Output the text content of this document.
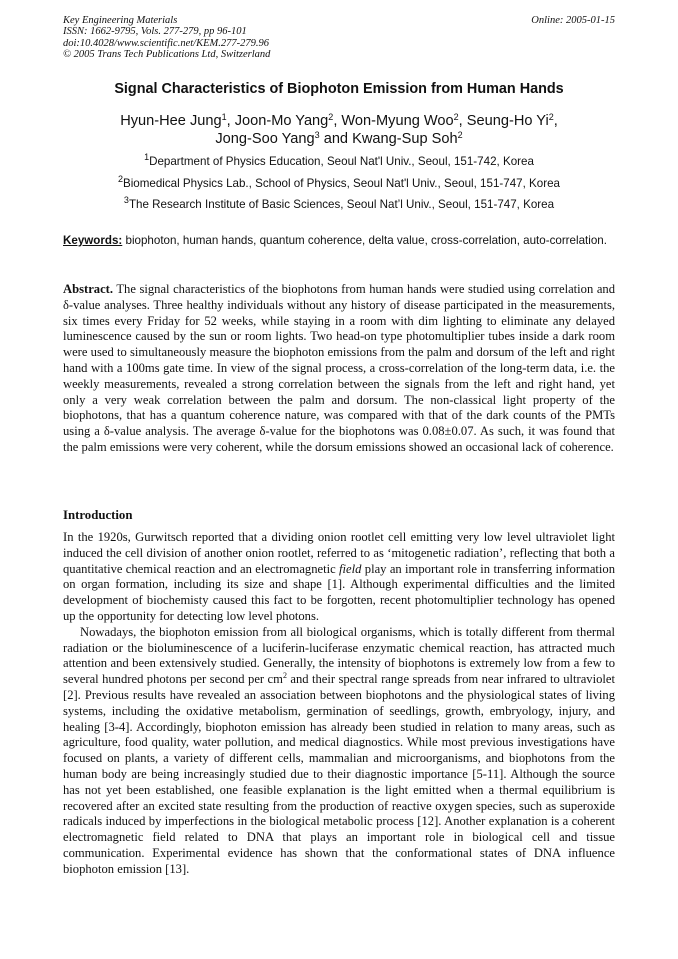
Key Engineering Materials
ISSN: 1662-9795, Vols. 277-279, pp 96-101
doi:10.4028/www.scientific.net/KEM.277-279.96
© 2005 Trans Tech Publications Ltd, Switzerland
Online: 2005-01-15
Signal Characteristics of Biophoton Emission from Human Hands
Hyun-Hee Jung$^1$, Joon-Mo Yang$^2$, Won-Myung Woo$^2$, Seung-Ho Yi$^2$,
Jong-Soo Yang$^3$ and Kwang-Sup Soh$^2$
$^1$Department of Physics Education, Seoul Nat'l Univ., Seoul, 151-742, Korea
$^2$Biomedical Physics Lab., School of Physics, Seoul Nat'l Univ., Seoul, 151-747, Korea
$^3$The Research Institute of Basic Sciences, Seoul Nat’l Univ., Seoul, 151-747, Korea
Keywords: biophoton, human hands, quantum coherence, delta value, cross-correlation, auto-correlation.
Abstract. The signal characteristics of the biophotons from human hands were studied using correlation and δ-value analyses. Three healthy individuals without any history of disease participated in the measurements, six times every Friday for 52 weeks, while staying in a room with dim lighting to eliminate any delayed luminescence caused by the sun or room lights. Two head-on type photomultiplier tubes inside a dark room were used to simultaneously measure the biophoton emissions from the palm and dorsum of the left and right hand with a 100ms gate time. In view of the signal process, a cross-correlation of the long-term data, i.e. the weekly measurements, revealed a strong correlation between the signals from the left and right hand, yet only a very weak correlation between the palm and dorsum. The non-classical light property of the biophotons, that has a quantum coherence nature, was compared with that of the dark counts of the PMTs using a δ-value analysis. The average δ-value for the biophotons was 0.08±0.07. As such, it was found that the palm emissions were very coherent, while the dorsum emissions showed an occasional lack of coherence.
Introduction

In the 1920s, Gurwitsch reported that a dividing onion rootlet cell emitting very low level ultraviolet light induced the cell division of another onion rootlet, referred to as ‘mitogenetic radiation’, reflecting that both a quantitative chemical reaction and an electromagnetic field play an important role in transferring information on organ formation, including its size and shape [1]. Although experimental difficulties and the limited development of biochemisty caused this fact to be forgotten, recent photomultiplier technology has opened up the opportunity for detecting low level photons.

Nowadays, the biophoton emission from all biological organisms, which is totally different from thermal radiation or the bioluminescence of a luciferin-luciferase enzymatic chemical reaction, has attracted much attention and been extensively studied. Generally, the intensity of biophotons is extremely low from a few to several hundred photons per second per $cm^2$ and their spectral range spreads from near infrared to ultraviolet [2]. Previous results have revealed an association between biophotons and the physiological states of living systems, including the oxidative metabolism, germination of seedlings, growth, embryology, injury, and healing [3-4]. Accordingly, biophoton emission has already been studied in relation to many areas, such as agriculture, food quality, water pollution, and medical diagnostics. While most previous investigations have focused on plants, a variety of different cells, mammalian and microorganisms, and biophotons from the human body are being increasingly studied due to their diagnostic importance [5-11]. Although the source has not yet been established, one feasible explanation is the light emitted when a thermal equilibrium is recovered after an excited state resulting from the production of reactive oxygen species, such as superoxide radicals induced by imperfections in the biological metabolic process [12]. Another explanation is a coherent electromagnetic field related to DNA that plays an important role in biological cell and tissue communication. Experimental evidence has shown that the conformational states of DNA influence biophoton emission [13].
